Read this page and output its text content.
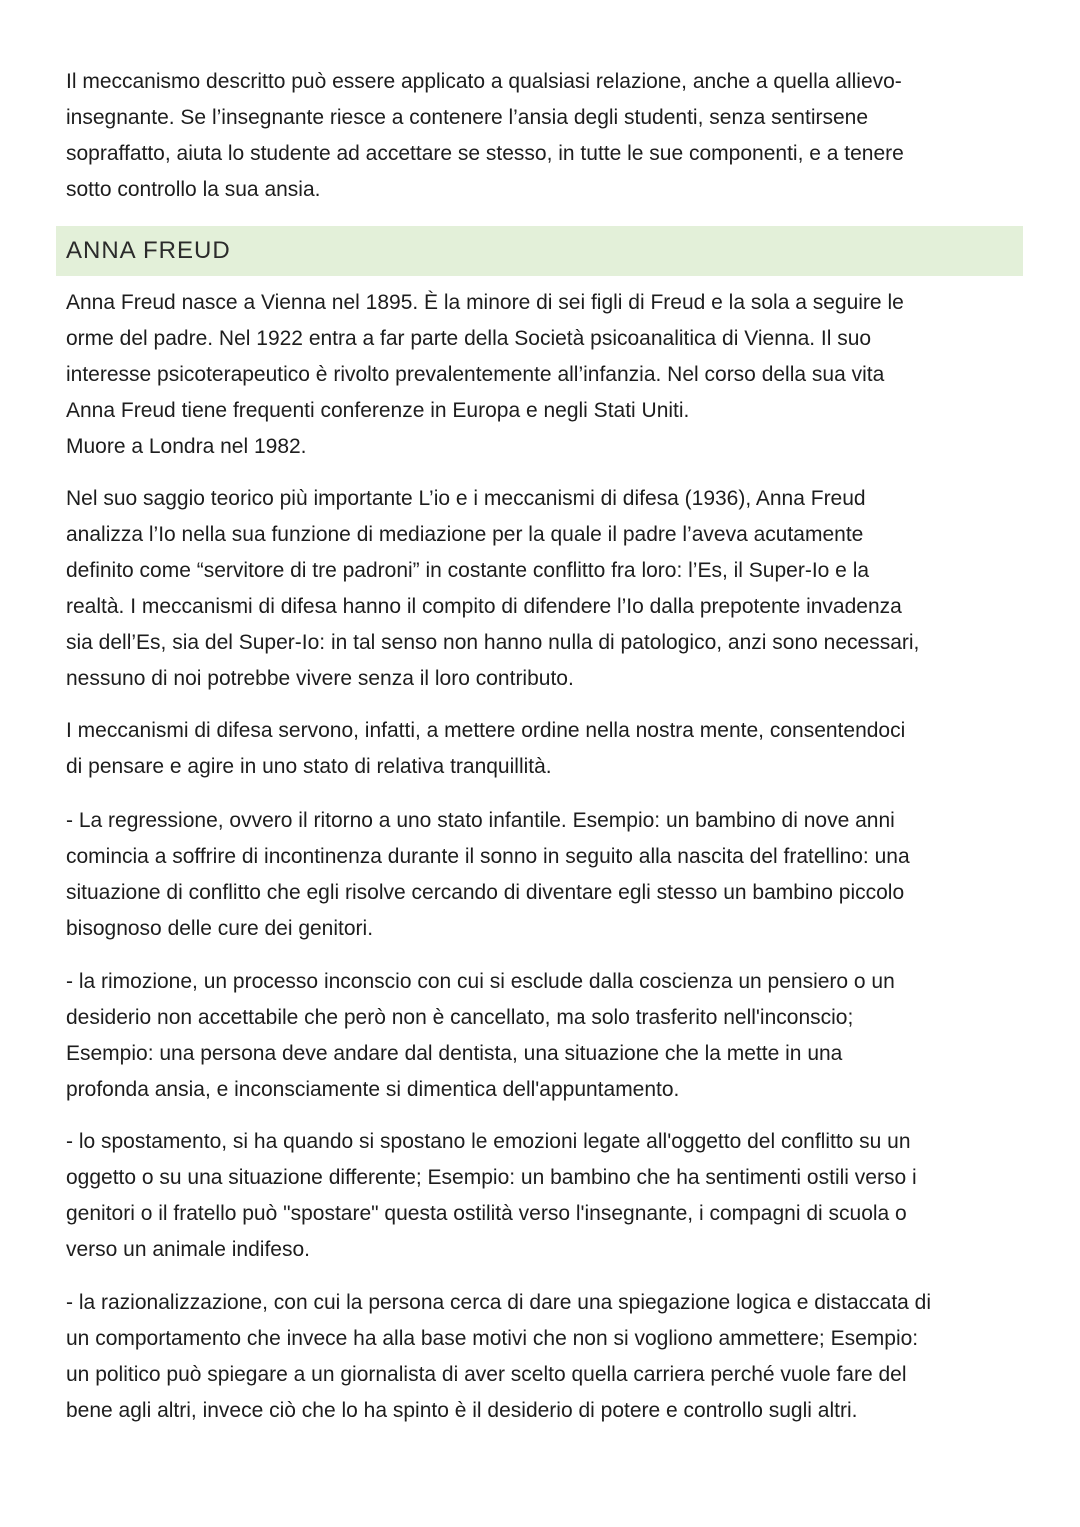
Il meccanismo descritto può essere applicato a qualsiasi relazione, anche a quella allievo-
insegnante. Se l’insegnante riesce a contenere l’ansia degli studenti, senza sentirsene
sopraffatto, aiuta lo studente ad accettare se stesso, in tutte le sue componenti, e a tenere
sotto controllo la sua ansia.
ANNA FREUD
Anna Freud nasce a Vienna nel 1895. È la minore di sei figli di Freud e la sola a seguire le
orme del padre. Nel 1922 entra a far parte della Società psicoanalitica di Vienna. Il suo
interesse psicoterapeutico è rivolto prevalentemente all’infanzia. Nel corso della sua vita
Anna Freud tiene frequenti conferenze in Europa e negli Stati Uniti.
Muore a Londra nel 1982.
Nel suo saggio teorico più importante L’io e i meccanismi di difesa (1936), Anna Freud
analizza l’Io nella sua funzione di mediazione per la quale il padre l’aveva acutamente
definito come “servitore di tre padroni” in costante conflitto fra loro: l’Es, il Super-Io e la
realtà. I meccanismi di difesa hanno il compito di difendere l’Io dalla prepotente invadenza
sia dell’Es, sia del Super-Io: in tal senso non hanno nulla di patologico, anzi sono necessari,
nessuno di noi potrebbe vivere senza il loro contributo.
I meccanismi di difesa servono, infatti, a mettere ordine nella nostra mente, consentendoci
di pensare e agire in uno stato di relativa tranquillità.
- La regressione, ovvero il ritorno a uno stato infantile. Esempio: un bambino di nove anni
comincia a soffrire di incontinenza durante il sonno in seguito alla nascita del fratellino: una
situazione di conflitto che egli risolve cercando di diventare egli stesso un bambino piccolo
bisognoso delle cure dei genitori.
- la rimozione, un processo inconscio con cui si esclude dalla coscienza un pensiero o un
desiderio non accettabile che però non è cancellato, ma solo trasferito nell'inconscio;
Esempio: una persona deve andare dal dentista, una situazione che la mette in una
profonda ansia, e inconsciamente si dimentica dell'appuntamento.
- lo spostamento, si ha quando si spostano le emozioni legate all'oggetto del conflitto su un
oggetto o su una situazione differente; Esempio: un bambino che ha sentimenti ostili verso i
genitori o il fratello può "spostare" questa ostilità verso l'insegnante, i compagni di scuola o
verso un animale indifeso.
- la razionalizzazione, con cui la persona cerca di dare una spiegazione logica e distaccata di
un comportamento che invece ha alla base motivi che non si vogliono ammettere; Esempio:
un politico può spiegare a un giornalista di aver scelto quella carriera perché vuole fare del
bene agli altri, invece ciò che lo ha spinto è il desiderio di potere e controllo sugli altri.
